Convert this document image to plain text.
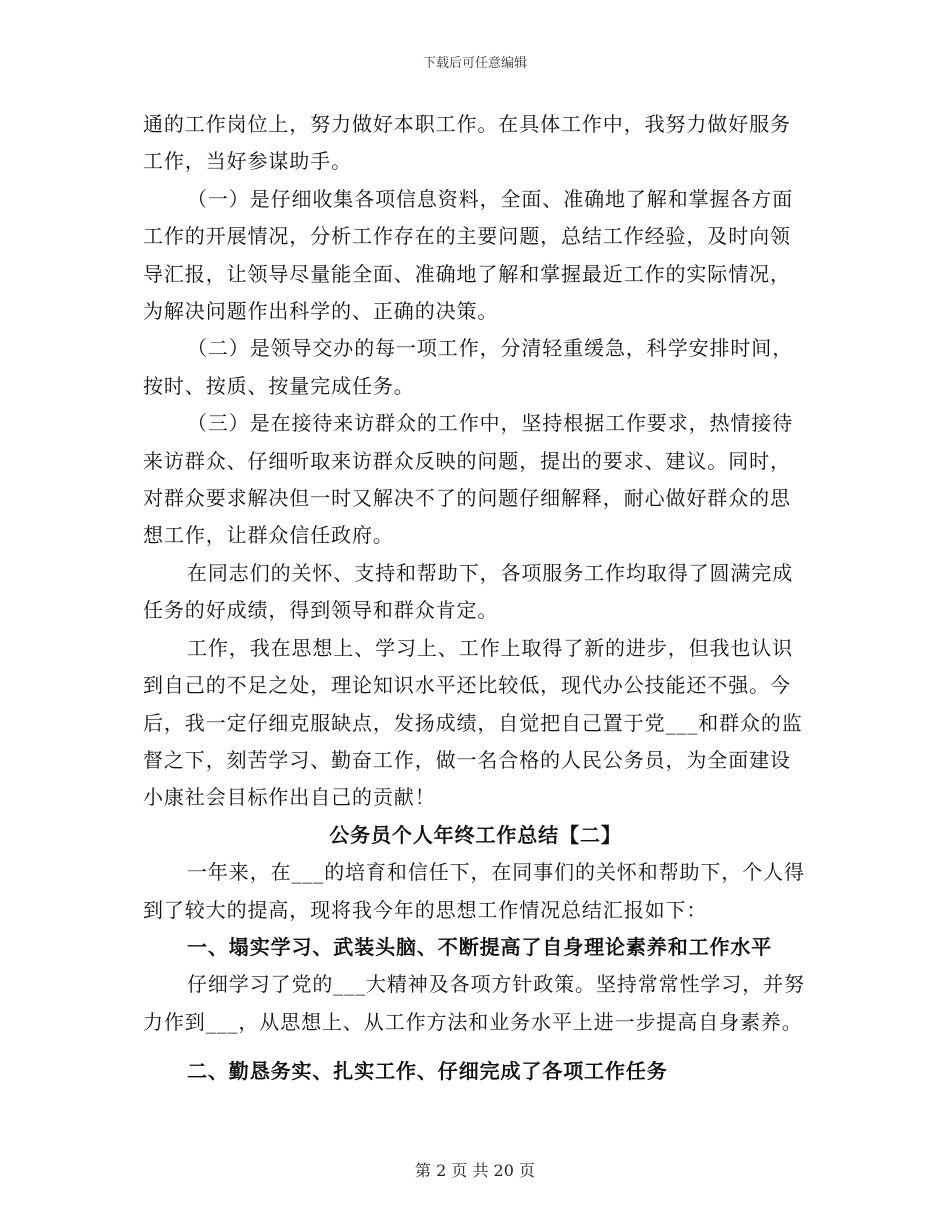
下载后可任意编辑

通的工作岗位上，努力做好本职工作。在具体工作中，我努力做好服务工作，当好参谋助手。

（一）是仔细收集各项信息资料，全面、准确地了解和掌握各方面工作的开展情况，分析工作存在的主要问题，总结工作经验，及时向领导汇报，让领导尽量能全面、准确地了解和掌握最近工作的实际情况，为解决问题作出科学的、正确的决策。

（二）是领导交办的每一项工作，分清轻重缓急，科学安排时间，按时、按质、按量完成任务。

（三）是在接待来访群众的工作中，坚持根据工作要求，热情接待来访群众、仔细听取来访群众反映的问题，提出的要求、建议。同时，对群众要求解决但一时又解决不了的问题仔细解释，耐心做好群众的思想工作，让群众信任政府。

在同志们的关怀、支持和帮助下，各项服务工作均取得了圆满完成任务的好成绩，得到领导和群众肯定。

工作，我在思想上、学习上、工作上取得了新的进步，但我也认识到自己的不足之处，理论知识水平还比较低，现代办公技能还不强。今后，我一定仔细克服缺点，发扬成绩，自觉把自己置于党___和群众的监督之下，刻苦学习、勤奋工作，做一名合格的人民公务员，为全面建设小康社会目标作出自己的贡献！

公务员个人年终工作总结【二】

一年来，在___的培育和信任下，在同事们的关怀和帮助下，个人得到了较大的提高，现将我今年的思想工作情况总结汇报如下：

一、塌实学习、武装头脑、不断提高了自身理论素养和工作水平

仔细学习了党的___大精神及各项方针政策。坚持常常性学习，并努力作到___，从思想上、从工作方法和业务水平上进一步提高自身素养。

二、勤恳务实、扎实工作、仔细完成了各项工作任务

第 2 页 共 20 页
